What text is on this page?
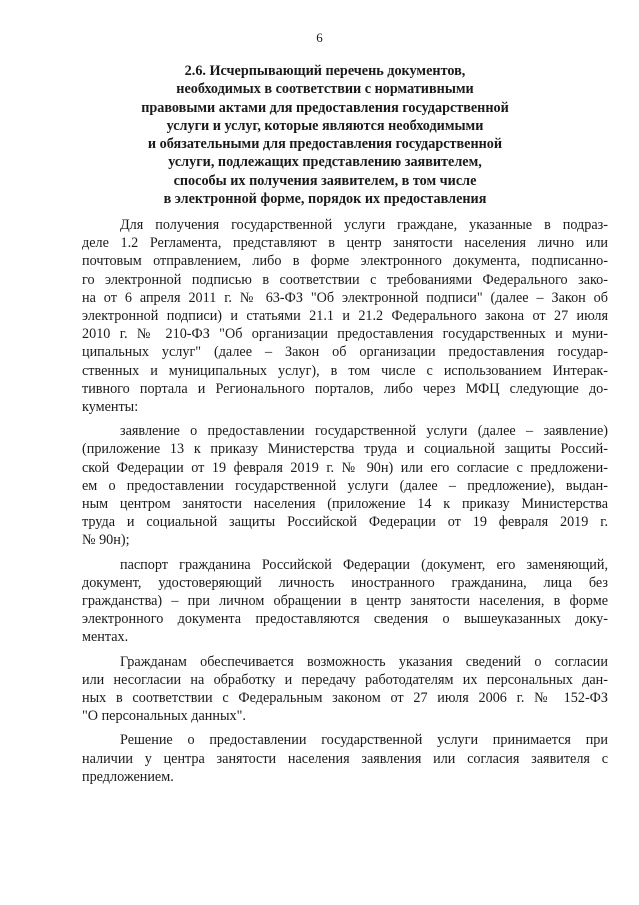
6
2.6. Исчерпывающий перечень документов,
необходимых в соответствии с нормативными
правовыми актами для предоставления государственной
услуги и услуг, которые являются необходимыми
и обязательными для предоставления государственной
услуги, подлежащих представлению заявителем,
способы их получения заявителем, в том числе
в электронной форме, порядок их предоставления

Для получения государственной услуги граждане, указанные в подраз-
деле 1.2 Регламента, представляют в центр занятости населения лично или
почтовым отправлением, либо в форме электронного документа, подписанно-
го электронной подписью в соответствии с требованиями Федерального зако-
на от 6 апреля 2011 г. № 63-ФЗ "Об электронной подписи" (далее – Закон об
электронной подписи) и статьями 21.1 и 21.2 Федерального закона от 27 июля
2010 г. № 210-ФЗ "Об организации предоставления государственных и муни-
ципальных услуг" (далее – Закон об организации предоставления государ-
ственных и муниципальных услуг), в том числе с использованием Интерак-
тивного портала и Регионального порталов, либо через МФЦ следующие до-
кументы:

заявление о предоставлении государственной услуги (далее – заявление)
(приложение 13 к приказу Министерства труда и социальной защиты Россий-
ской Федерации от 19 февраля 2019 г. № 90н) или его согласие с предложени-
ем о предоставлении государственной услуги (далее – предложение), выдан-
ным центром занятости населения (приложение 14 к приказу Министерства
труда и социальной защиты Российской Федерации от 19 февраля 2019 г.
№ 90н);

паспорт гражданина Российской Федерации (документ, его заменяющий,
документ, удостоверяющий личность иностранного гражданина, лица без
гражданства) – при личном обращении в центр занятости населения, в форме
электронного документа предоставляются сведения о вышеуказанных доку-
ментах.

Гражданам обеспечивается возможность указания сведений о согласии
или несогласии на обработку и передачу работодателям их персональных дан-
ных в соответствии с Федеральным законом от 27 июля 2006 г. № 152-ФЗ
"О персональных данных".

Решение о предоставлении государственной услуги принимается при
наличии у центра занятости населения заявления или согласия заявителя с
предложением.
